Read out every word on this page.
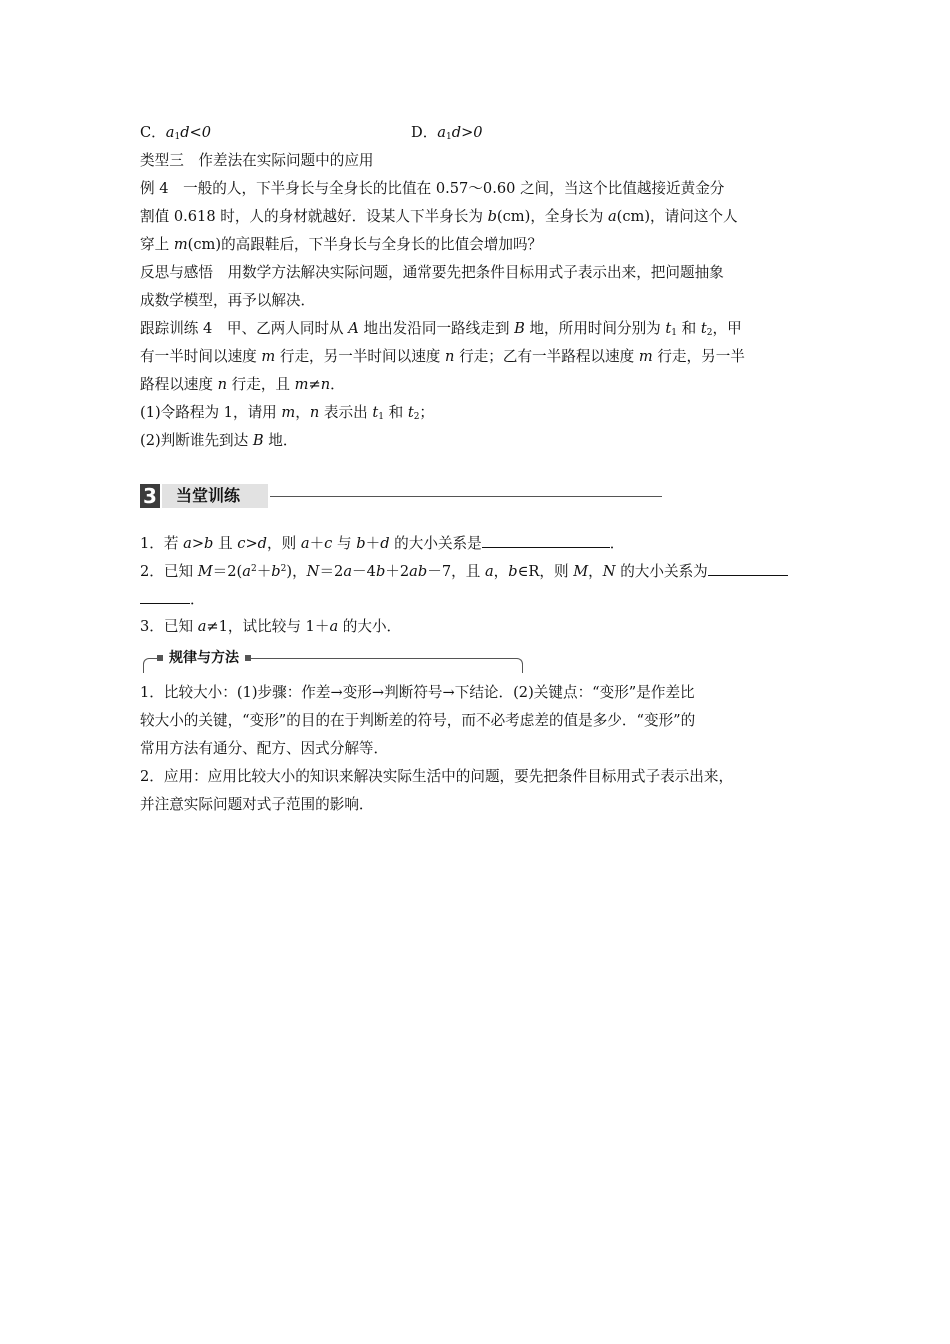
C．$a_1d<0$	D．$a_1d>0$
类型三　作差法在实际问题中的应用
例 4　一般的人，下半身长与全身长的比值在 0.57～0.60 之间，当这个比值越接近黄金分
割值 0.618 时，人的身材就越好．设某人下半身长为 b(cm)，全身长为 a(cm)，请问这个人
穿上 m(cm)的高跟鞋后，下半身长与全身长的比值会增加吗？
反思与感悟　用数学方法解决实际问题，通常要先把条件目标用式子表示出来，把问题抽象
成数学模型，再予以解决．
跟踪训练 4　甲、乙两人同时从 A 地出发沿同一路线走到 B 地，所用时间分别为 $t_1$ 和 $t_2$，甲
有一半时间以速度 m 行走，另一半时间以速度 n 行走；乙有一半路程以速度 m 行走，另一半
路程以速度 n 行走，且 m≠n．
(1)令路程为 1，请用 m，n 表示出 $t_1$ 和 $t_2$；
(2)判断谁先到达 B 地．
3 当堂训练
1．若 a>b 且 c>d，则 a＋c 与 b＋d 的大小关系是	．
2．已知 $M=2(a^2+b^2)$，N＝2a－4b＋2ab－7，且 a，b∈R，则 M，N 的大小关系为
．
3．已知 a≠1，试比较与 1＋a 的大小．
规律与方法
1．比较大小：(1)步骤：作差→变形→判断符号→下结论．(2)关键点：“变形”是作差比
较大小的关键，“变形”的目的在于判断差的符号，而不必考虑差的值是多少．“变形”的
常用方法有通分、配方、因式分解等．
2．应用：应用比较大小的知识来解决实际生活中的问题，要先把条件目标用式子表示出来，
并注意实际问题对式子范围的影响．
